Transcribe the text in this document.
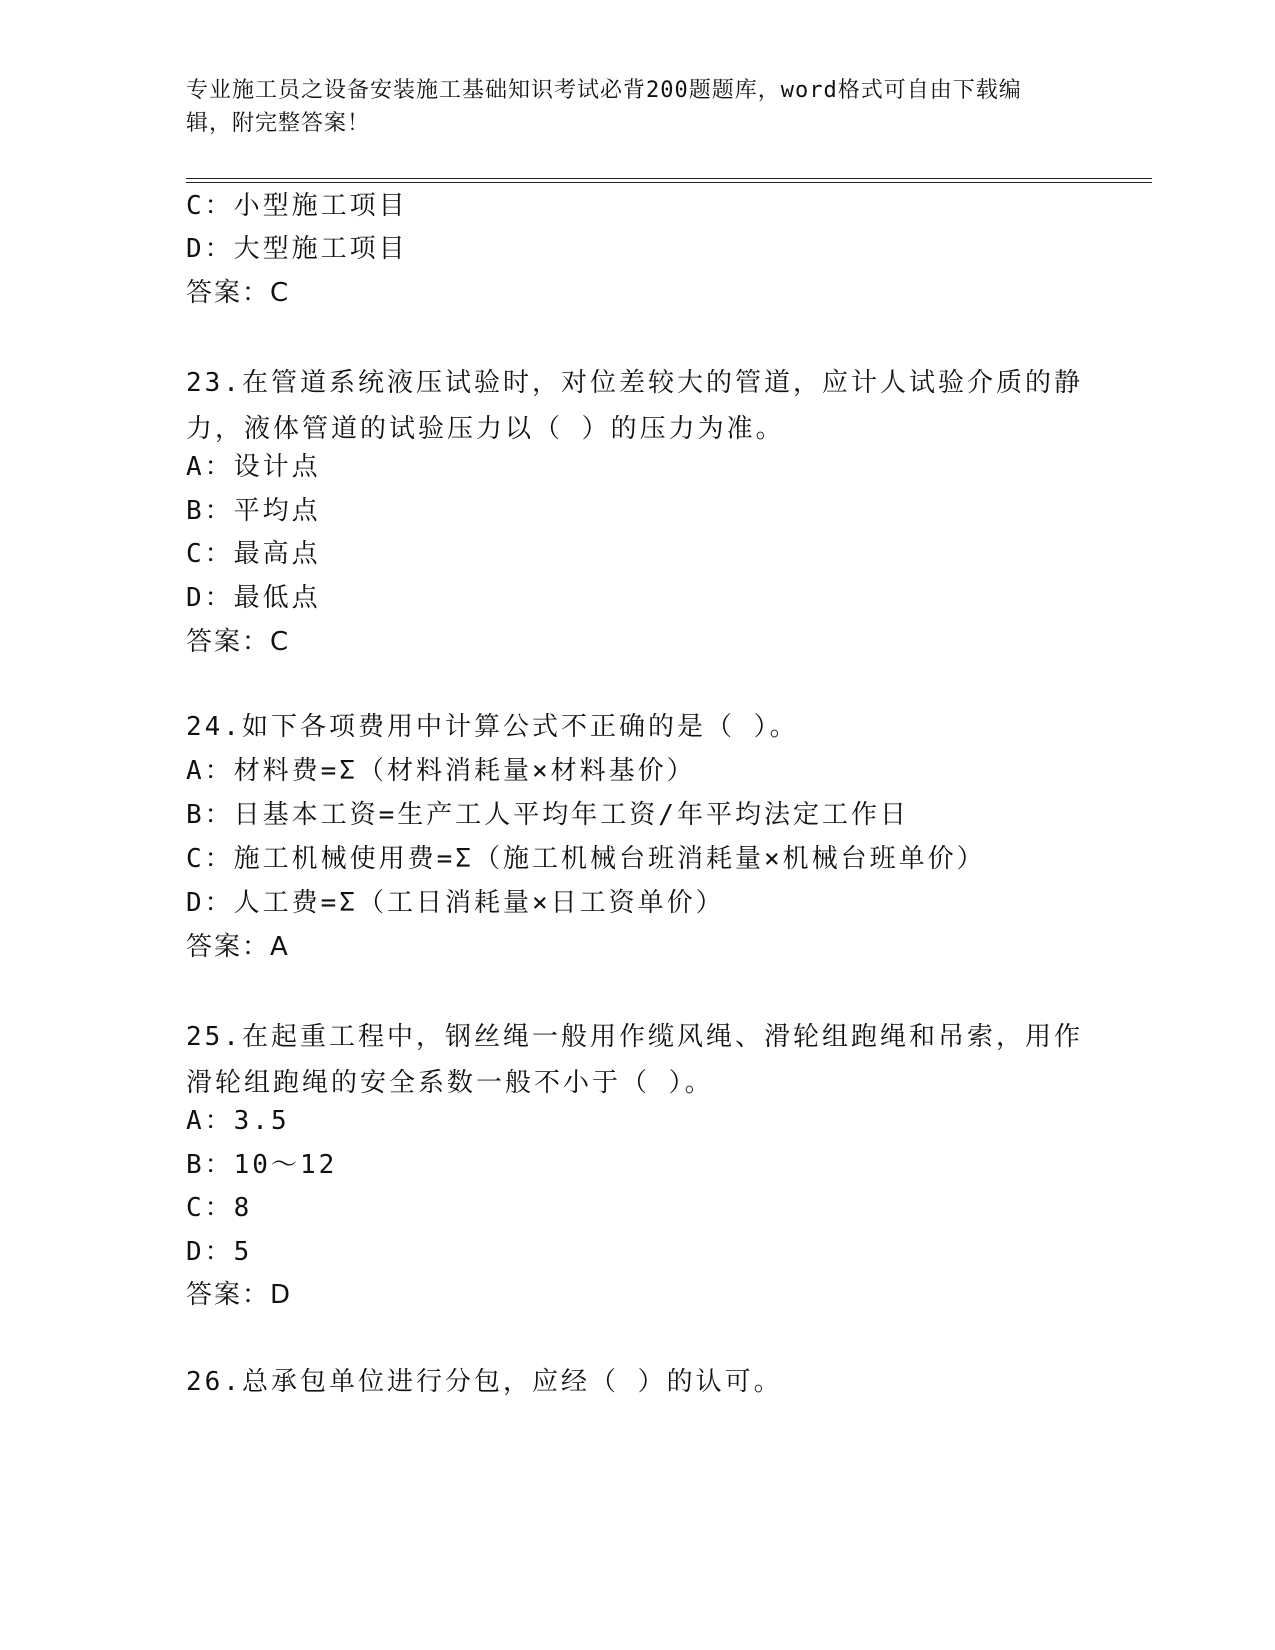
专业施工员之设备安装施工基础知识考试必背200题题库，word格式可自由下载编辑，附完整答案！
C：小型施工项目
D：大型施工项目
答案：C
23.在管道系统液压试验时，对位差较大的管道，应计人试验介质的静力，液体管道的试验压力以（ ）的压力为准。
A：设计点
B：平均点
C：最高点
D：最低点
答案：C
24.如下各项费用中计算公式不正确的是（ ）。
A：材料费=Σ（材料消耗量×材料基价）
B：日基本工资=生产工人平均年工资/年平均法定工作日
C：施工机械使用费=Σ（施工机械台班消耗量×机械台班单价）
D：人工费=Σ（工日消耗量×日工资单价）
答案：A
25.在起重工程中，钢丝绳一般用作缆风绳、滑轮组跑绳和吊索，用作滑轮组跑绳的安全系数一般不小于（ ）。
A：3.5
B：10～12
C：8
D：5
答案：D
26.总承包单位进行分包，应经（ ）的认可。
